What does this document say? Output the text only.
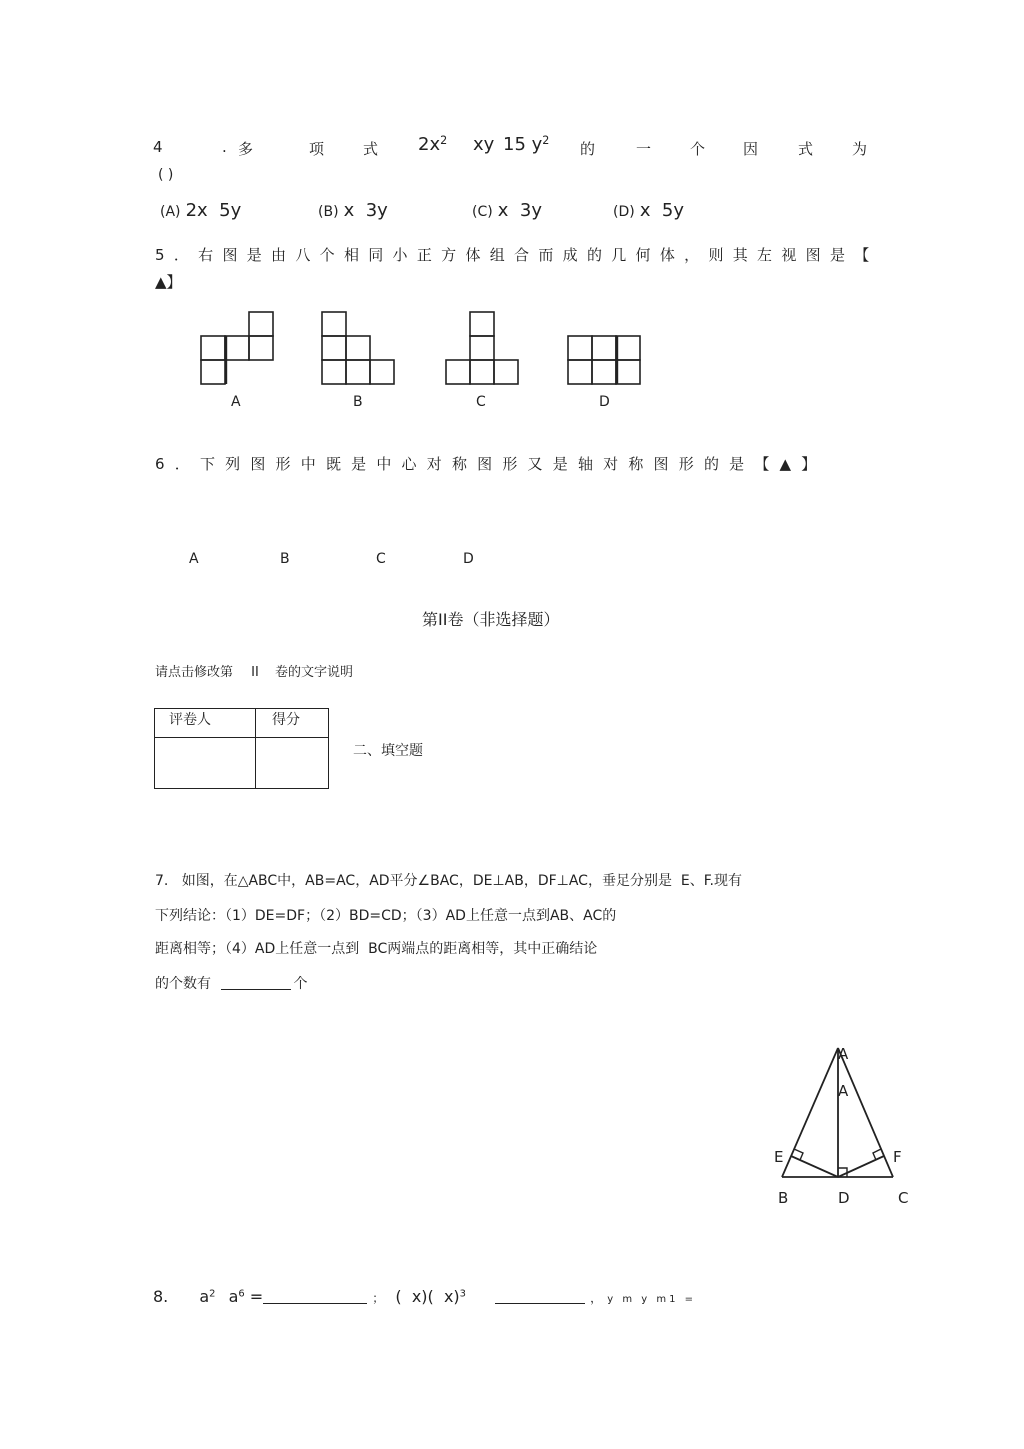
4	. 多	项	式 $2x^2$ xy 15 $y^2$ 的	一	个	因	式	为
( )
(A) 2x  5y	(B) x  3y	(C) x  3y	(D) x  5y
5．右图是由八个相同小正方体组合而成的几何体，则其左视图是【
▲】
A	B	C	D
6．下列图形中既是中心对称图形又是轴对称图形的是【▲】
A	B	C	D
第II卷（非选择题）
请点击修改第 II 卷的文字说明
评卷人	得分

二、填空题
7.   如图，在△ABC中，AB=AC，AD平分∠BAC，DE⊥AB，DF⊥AC，垂足分别是  E、F.现有
下列结论：（1）DE=DF；（2）BD=CD；（3）AD上任意一点到AB、AC的
距离相等；（4）AD上任意一点到  BC两端点的距离相等，其中正确结论
的个数有	个
A
A
E	F
B	D	C
8. $a^2$ $a^6$ =	； (  x)(  x)$^3$	， y m y m1 =
